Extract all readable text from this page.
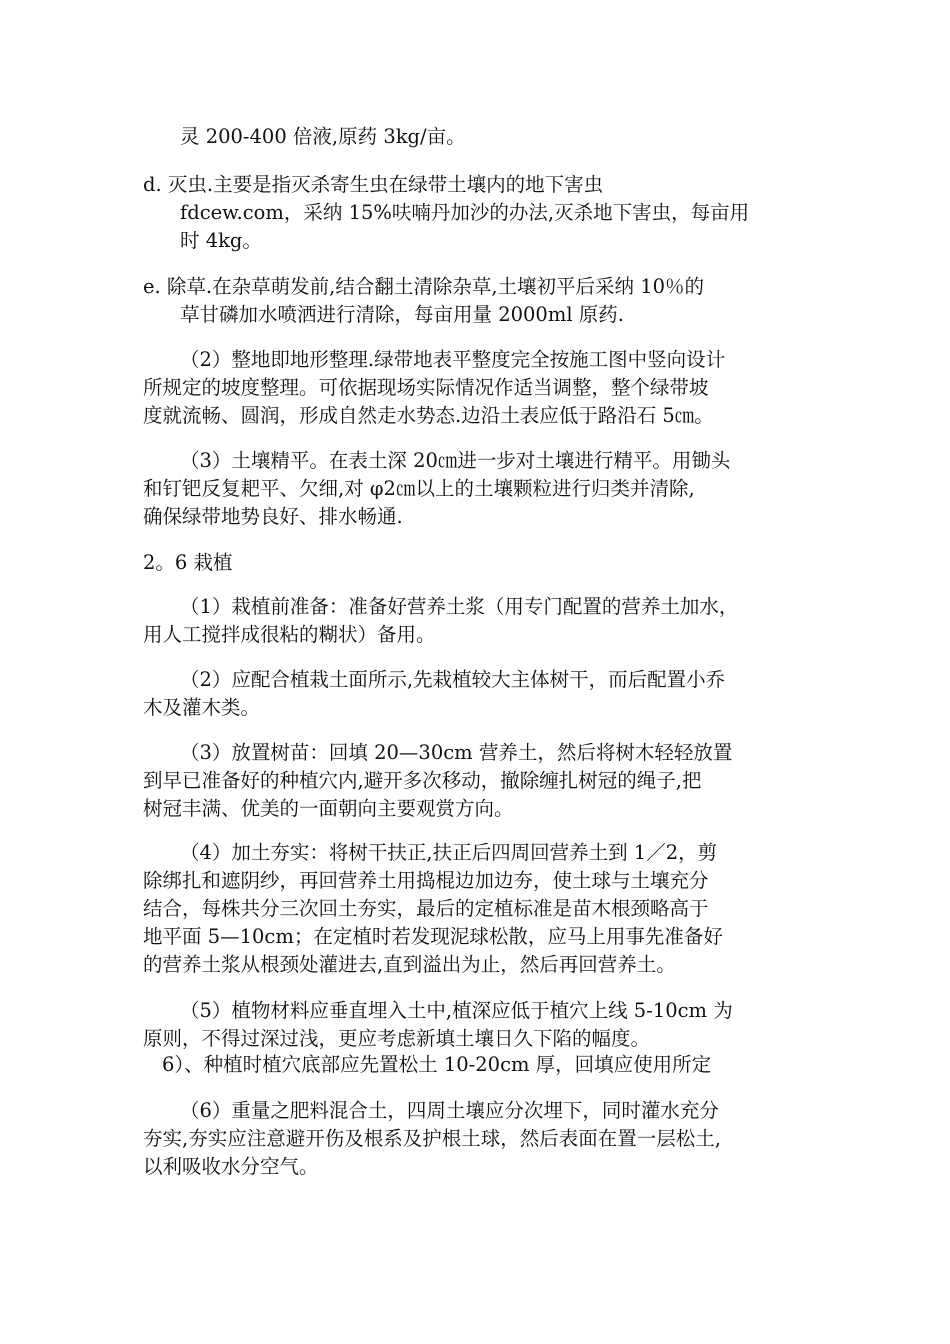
灵 200-400 倍液,原药 3kg/亩。
d. 灭虫.主要是指灭杀寄生虫在绿带土壤内的地下害虫
fdcew.com，采纳 15%呋喃丹加沙的办法,灭杀地下害虫，每亩用
时 4kg。
e. 除草.在杂草萌发前,结合翻土清除杂草,土壤初平后采纳 10％的
草甘磷加水喷洒进行清除，每亩用量 2000ml 原药.
（2）整地即地形整理.绿带地表平整度完全按施工图中竖向设计
所规定的坡度整理。可依据现场实际情况作适当调整，整个绿带坡
度就流畅、圆润，形成自然走水势态.边沿土表应低于路沿石 5㎝。
（3）土壤精平。在表土深 20㎝进一步对土壤进行精平。用锄头
和钉钯反复耙平、欠细,对 φ2㎝以上的土壤颗粒进行归类并清除,
确保绿带地势良好、排水畅通.
2。6 栽植
（1）栽植前准备：准备好营养土浆（用专门配置的营养土加水，
用人工搅拌成很粘的糊状）备用。
（2）应配合植栽土面所示,先栽植较大主体树干，而后配置小乔
木及灌木类。
（3）放置树苗：回填 20—30cm 营养土，然后将树木轻轻放置
到早已准备好的种植穴内,避开多次移动，撤除缠扎树冠的绳子,把
树冠丰满、优美的一面朝向主要观赏方向。
（4）加土夯实：将树干扶正,扶正后四周回营养土到 1／2，剪
除绑扎和遮阴纱，再回营养土用捣棍边加边夯，使土球与土壤充分
结合，每株共分三次回土夯实，最后的定植标准是苗木根颈略高于
地平面 5—10cm；在定植时若发现泥球松散，应马上用事先准备好
的营养土浆从根颈处灌进去,直到溢出为止，然后再回营养土。
（5）植物材料应垂直埋入土中,植深应低于植穴上线 5-10cm 为
原则，不得过深过浅，更应考虑新填土壤日久下陷的幅度。
6）、种植时植穴底部应先置松土 10-20cm 厚，回填应使用所定
（6）重量之肥料混合土，四周土壤应分次埋下，同时灌水充分
夯实,夯实应注意避开伤及根系及护根土球，然后表面在置一层松土,
以利吸收水分空气。
